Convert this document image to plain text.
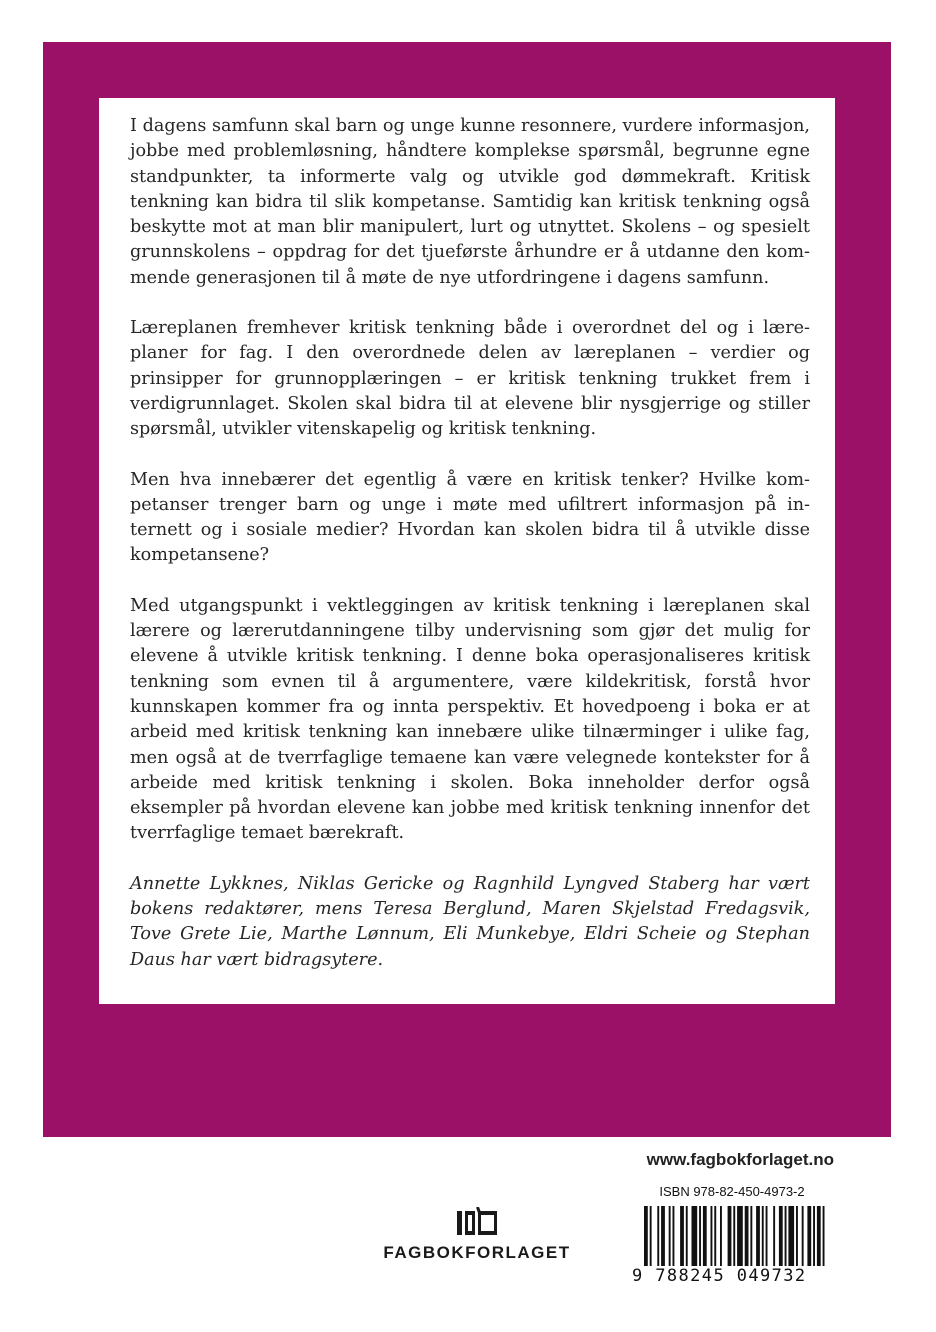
I dagens samfunn skal barn og unge kunne resonnere, vurdere informasjon, jobbe med problemløsning, håndtere komplekse spørsmål, begrunne egne standpunkter, ta informerte valg og utvikle god dømmekraft. Kritisk tenkning kan bidra til slik kompetanse. Samtidig kan kritisk tenkning også beskytte mot at man blir manipulert, lurt og utnyttet. Skolens – og spesielt grunnskolens – oppdrag for det tjueførste århundre er å utdanne den kommende generasjonen til å møte de nye utfordringene i dagens samfunn.

Læreplanen fremhever kritisk tenkning både i overordnet del og i læreplaner for fag. I den overordnede delen av læreplanen – verdier og prinsipper for grunnopplæringen – er kritisk tenkning trukket frem i verdigrunnlaget. Skolen skal bidra til at elevene blir nysgjerrige og stiller spørsmål, utvikler vitenskapelig og kritisk tenkning.

Men hva innebærer det egentlig å være en kritisk tenker? Hvilke kompetanser trenger barn og unge i møte med ufiltrert informasjon på internett og i sosiale medier? Hvordan kan skolen bidra til å utvikle disse kompetansene?

Med utgangspunkt i vektleggingen av kritisk tenkning i læreplanen skal lærere og lærerutdanningene tilby undervisning som gjør det mulig for elevene å utvikle kritisk tenkning. I denne boka operasjonaliseres kritisk tenkning som evnen til å argumentere, være kildekritisk, forstå hvor kunnskapen kommer fra og innta perspektiv. Et hovedpoeng i boka er at arbeid med kritisk tenkning kan innebære ulike tilnærminger i ulike fag, men også at de tverrfaglige temaene kan være velegnede kontekster for å arbeide med kritisk tenkning i skolen. Boka inneholder derfor også eksempler på hvordan elevene kan jobbe med kritisk tenkning innenfor det tverrfaglige temaet bærekraft.

Annette Lykknes, Niklas Gericke og Ragnhild Lyngved Staberg har vært bokens redaktører, mens Teresa Berglund, Maren Skjelstad Fredagsvik, Tove Grete Lie, Marthe Lønnum, Eli Munkebye, Eldri Scheie og Stephan Daus har vært bidragsytere.

www.fagbokforlaget.no
FAGBOKFORLAGET
ISBN 978-82-450-4973-2
9 788245 049732
